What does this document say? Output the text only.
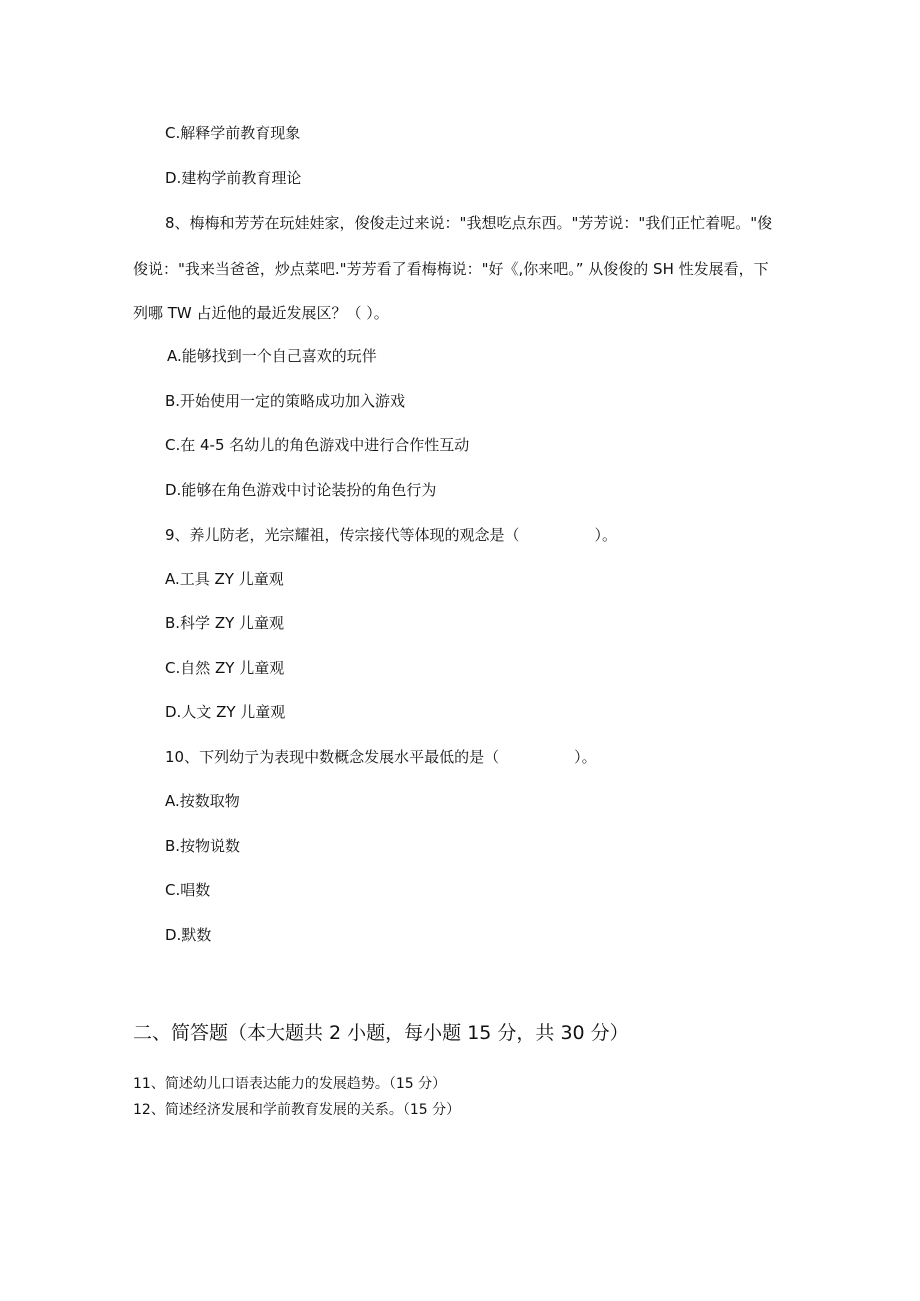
C.解释学前教育现象
D.建构学前教育理论
8、梅梅和芳芳在玩娃娃家，俊俊走过来说："我想吃点东西。"芳芳说："我们正忙着呢。"俊
俊说："我来当爸爸，炒点菜吧."芳芳看了看梅梅说："好《,你来吧。” 从俊俊的 SH 性发展看，下
列哪 TW 占近他的最近发展区？（ ）。
A.能够找到一个自己喜欢的玩伴
B.开始使用一定的策略成功加入游戏
C.在 4-5 名幼儿的角色游戏中进行合作性互动
D.能够在角色游戏中讨论装扮的角色行为
9、养儿防老，光宗耀祖，传宗接代等体现的观念是（　　　　　）。
A.工具 ZY 儿童观
B.科学 ZY 儿童观
C.自然 ZY 儿童观
D.人文 ZY 儿童观
10、下列幼亍为表现中数概念发展水平最低的是（　　　　　）。
A.按数取物
B.按物说数
C.唱数
D.默数
二、简答题（本大题共 2 小题，每小题 15 分，共 30 分）
11、简述幼儿口语表达能力的发展趋势。（15 分）
12、简述经济发展和学前教育发展的关系。（15 分）
